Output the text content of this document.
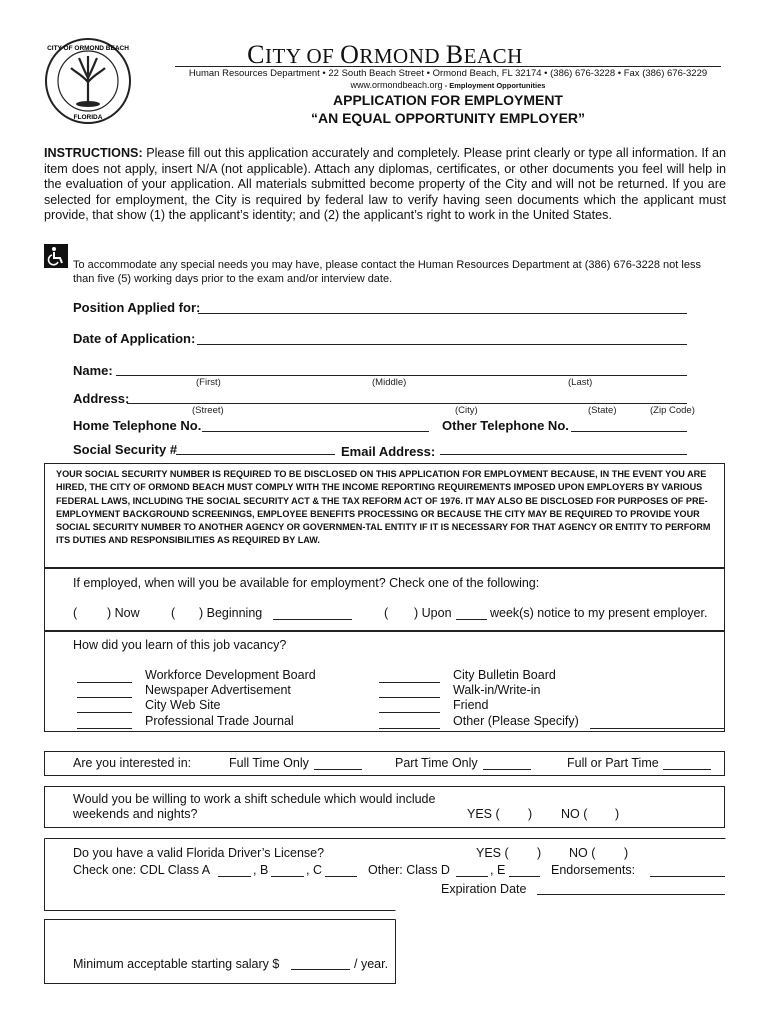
CITY OF ORMOND BEACH
FLORIDA
CITY OF ORMOND BEACH
Human Resources Department • 22 South Beach Street • Ormond Beach, FL 32174 • (386) 676-3228 • Fax (386) 676-3229
www.ormondbeach.org - Employment Opportunities
APPLICATION FOR EMPLOYMENT
“AN EQUAL OPPORTUNITY EMPLOYER”
INSTRUCTIONS: Please fill out this application accurately and completely. Please print clearly or type all information. If an item does not apply, insert N/A (not applicable). Attach any diplomas, certificates, or other documents you feel will help in the evaluation of your application. All materials submitted become property of the City and will not be returned. If you are selected for employment, the City is required by federal law to verify having seen documents which the applicant must provide, that show (1) the applicant’s identity; and (2) the applicant’s right to work in the United States.
To accommodate any special needs you may have, please contact the Human Resources Department at (386) 676-3228 not less than five (5) working days prior to the exam and/or interview date.
Position Applied for:
Date of Application:
Name:
(First)	(Middle)	(Last)
Address:
(Street)	(City)	(State)	(Zip Code)
Home Telephone No.	Other Telephone No.
Social Security #	Email Address:
YOUR SOCIAL SECURITY NUMBER IS REQUIRED TO BE DISCLOSED ON THIS APPLICATION FOR EMPLOYMENT BECAUSE, IN THE EVENT YOU ARE HIRED, THE CITY OF ORMOND BEACH MUST COMPLY WITH THE INCOME REPORTING REQUIREMENTS IMPOSED UPON EMPLOYERS BY VARIOUS FEDERAL LAWS, INCLUDING THE SOCIAL SECURITY ACT & THE TAX REFORM ACT OF 1976. IT MAY ALSO BE DISCLOSED FOR PURPOSES OF PRE-EMPLOYMENT BACKGROUND SCREENINGS, EMPLOYEE BENEFITS PROCESSING OR BECAUSE THE CITY MAY BE REQUIRED TO PROVIDE YOUR SOCIAL SECURITY NUMBER TO ANOTHER AGENCY OR GOVERNMEN-TAL ENTITY IF IT IS NECESSARY FOR THAT AGENCY OR ENTITY TO PERFORM ITS DUTIES AND RESPONSIBILITIES AS REQUIRED BY LAW.
If employed, when will you be available for employment? Check one of the following:
( ) Now	( ) Beginning	( ) Upon	week(s) notice to my present employer.
How did you learn of this job vacancy?
Workforce Development Board
Newspaper Advertisement
City Web Site
Professional Trade Journal
City Bulletin Board
Walk-in/Write-in
Friend
Other (Please Specify)
Are you interested in:	Full Time Only	Part Time Only	Full or Part Time
Would you be willing to work a shift schedule which would include
weekends and nights?	YES ( ) NO ( )
Do you have a valid Florida Driver’s License?	YES ( ) NO ( )
Check one: CDL Class A	, B	, C	Other: Class D	, E	Endorsements:
Expiration Date
Minimum acceptable starting salary $	/ year.
